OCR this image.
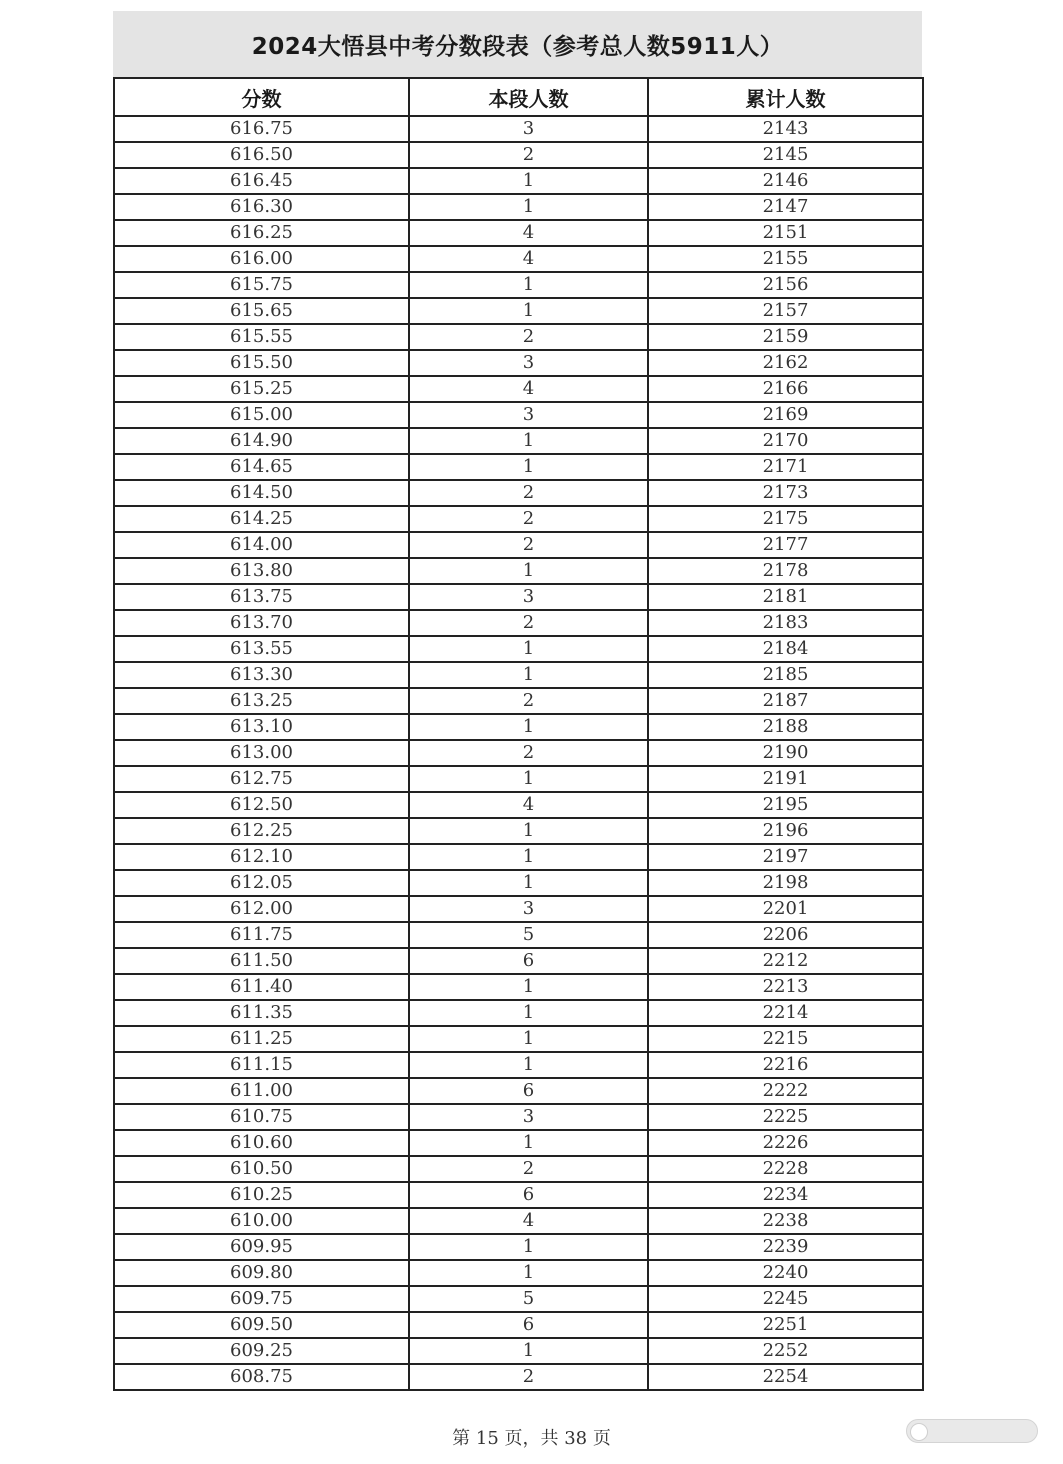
2024大悟县中考分数段表（参考总人数5911人）
分数	本段人数	累计人数
616.75	3	2143
616.50	2	2145
616.45	1	2146
616.30	1	2147
616.25	4	2151
616.00	4	2155
615.75	1	2156
615.65	1	2157
615.55	2	2159
615.50	3	2162
615.25	4	2166
615.00	3	2169
614.90	1	2170
614.65	1	2171
614.50	2	2173
614.25	2	2175
614.00	2	2177
613.80	1	2178
613.75	3	2181
613.70	2	2183
613.55	1	2184
613.30	1	2185
613.25	2	2187
613.10	1	2188
613.00	2	2190
612.75	1	2191
612.50	4	2195
612.25	1	2196
612.10	1	2197
612.05	1	2198
612.00	3	2201
611.75	5	2206
611.50	6	2212
611.40	1	2213
611.35	1	2214
611.25	1	2215
611.15	1	2216
611.00	6	2222
610.75	3	2225
610.60	1	2226
610.50	2	2228
610.25	6	2234
610.00	4	2238
609.95	1	2239
609.80	1	2240
609.75	5	2245
609.50	6	2251
609.25	1	2252
608.75	2	2254
第 15 页，共 38 页
